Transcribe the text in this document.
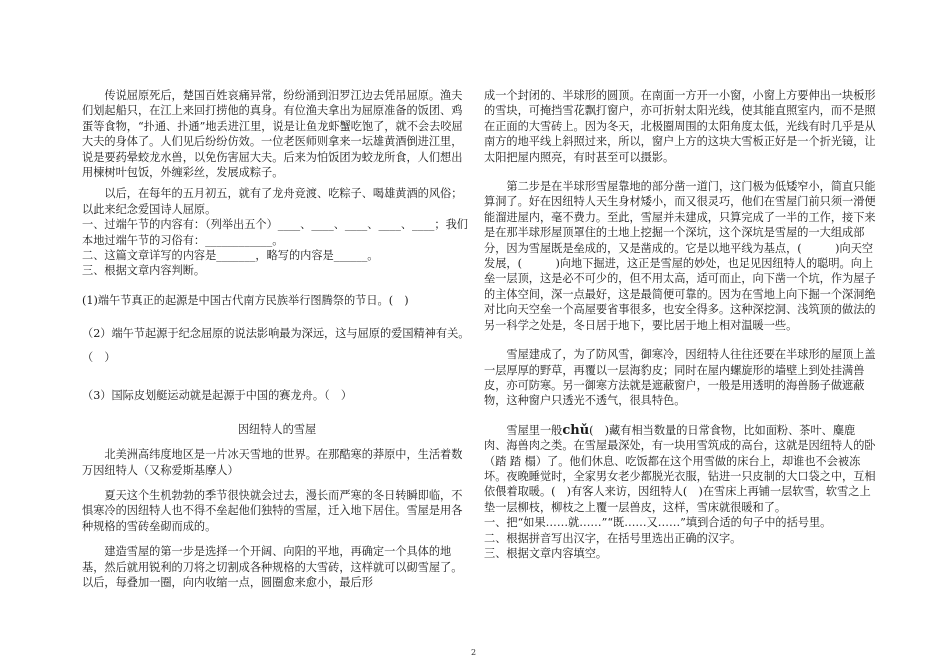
传说屈原死后，楚国百姓哀痛异常，纷纷涌到汨罗江边去凭吊屈原。渔夫们划起船只，在江上来回打捞他的真身。有位渔夫拿出为屈原准备的饭团、鸡蛋等食物，“扑通、扑通”地丢进江里，说是让鱼龙虾蟹吃饱了，就不会去咬屈大夫的身体了。人们见后纷纷仿效。一位老医师则拿来一坛雄黄酒倒进江里，说是要药晕蛟龙水兽，以免伤害屈大夫。后来为怕饭团为蛟龙所食，人们想出用楝树叶包饭，外缠彩丝，发展成粽子。

以后，在每年的五月初五，就有了龙舟竞渡、吃粽子、喝雄黄酒的风俗；以此来纪念爱国诗人屈原。

一、过端午节的内容有：（列举出五个）____、____、____、____、____；我们本地过端午节的习俗有：____________。

二、这篇文章详写的内容是_______，略写的内容是______。

三、根据文章内容判断。

(1)端午节真正的起源是中国古代南方民族举行图腾祭的节日。(　)

（2）端午节起源于纪念屈原的说法影响最为深远，这与屈原的爱国精神有关。（　）

（3）国际皮划艇运动就是起源于中国的赛龙舟。（　）

因纽特人的雪屋

北美洲高纬度地区是一片冰天雪地的世界。在那酷寒的莽原中，生活着数万因纽特人（又称爱斯基摩人）

夏天这个生机勃勃的季节很快就会过去，漫长而严寒的冬日转瞬即临，不惧寒冷的因纽特人也不得不垒起他们独特的雪屋，迁入地下居住。雪屋是用各种规格的雪砖垒砌而成的。

建造雪屋的第一步是选择一个开阔、向阳的平地，再确定一个具体的地基，然后就用锐利的刀将之切割成各种规格的大雪砖，这样就可以砌雪屋了。以后，每叠加一圈，向内收缩一点，圆圈愈来愈小，最后形

成一个封闭的、半球形的圆顶。在南面一方开一小窗，小窗上方要伸出一块板形的雪块，可掩挡雪花飘打窗户，亦可折射太阳光线，使其能直照室内，而不是照在正面的大雪砖上。因为冬天，北极圈周围的太阳角度太低，光线有时几乎是从南方的地平线上斜照过来，所以，窗户上方的这块大雪板正好是一个折光镜，让太阳把屋内照亮，有时甚至可以摄影。

第二步是在半球形雪屋靠地的部分凿一道门，这门极为低矮窄小，简直只能算洞了。好在因纽特人天生身材矮小，而又很灵巧，他们在雪屋门前只须一滑便能溜进屋内，毫不费力。至此，雪屋并未建成，只算完成了一半的工作，接下来是在那半球形屋顶罩住的土地上挖掘一个深坑，这个深坑是雪屋的一大组成部分，因为雪屋既是垒成的，又是凿成的。它是以地平线为基点，(　　　)向天空发展，(　　　)向地下掘进，这正是雪屋的妙处，也足见因纽特人的聪明。向上垒一层顶，这是必不可少的，但不用太高，适可而止，向下凿一个坑，作为屋子的主体空间，深一点最好，这是最简便可靠的。因为在雪地上向下掘一个深洞绝对比向天空垒一个高屋要省事很多，也安全得多。这种深挖洞、浅筑顶的做法的另一科学之处是，冬日居于地下，要比居于地上相对温暖一些。

雪屋建成了，为了防风雪，御寒冷，因纽特人往往还要在半球形的屋顶上盖一层厚厚的野草，再覆以一层海豹皮；同时在屋内螺旋形的墙壁上到处挂满兽皮，亦可防寒。另一御寒方法就是遮蔽窗户，一般是用透明的海兽肠子做遮蔽物，这种窗户只透光不透气，很具特色。

雪屋里一般chǔ(　)藏有相当数量的日常食物，比如面粉、茶叶、麋鹿肉、海兽肉之类。在雪屋最深处，有一块用雪筑成的高台，这就是因纽特人的卧（踏 踏 榻）了。他们休息、吃饭都在这个用雪做的床台上，却谁也不会被冻坏。夜晚睡觉时，全家男女老少都脱光衣服，钻进一只皮制的大口袋之中，互相依偎着取暖。(　)有客人来访，因纽特人(　)在雪床上再铺一层软雪，软雪之上垫一层柳枝，柳枝之上覆一层兽皮，这样，雪床就很暖和了。

一、把“如果……就……”“既……又……”填到合适的句子中的括号里。

二、根据拼音写出汉字，在括号里选出正确的汉字。

三、根据文章内容填空。

2
